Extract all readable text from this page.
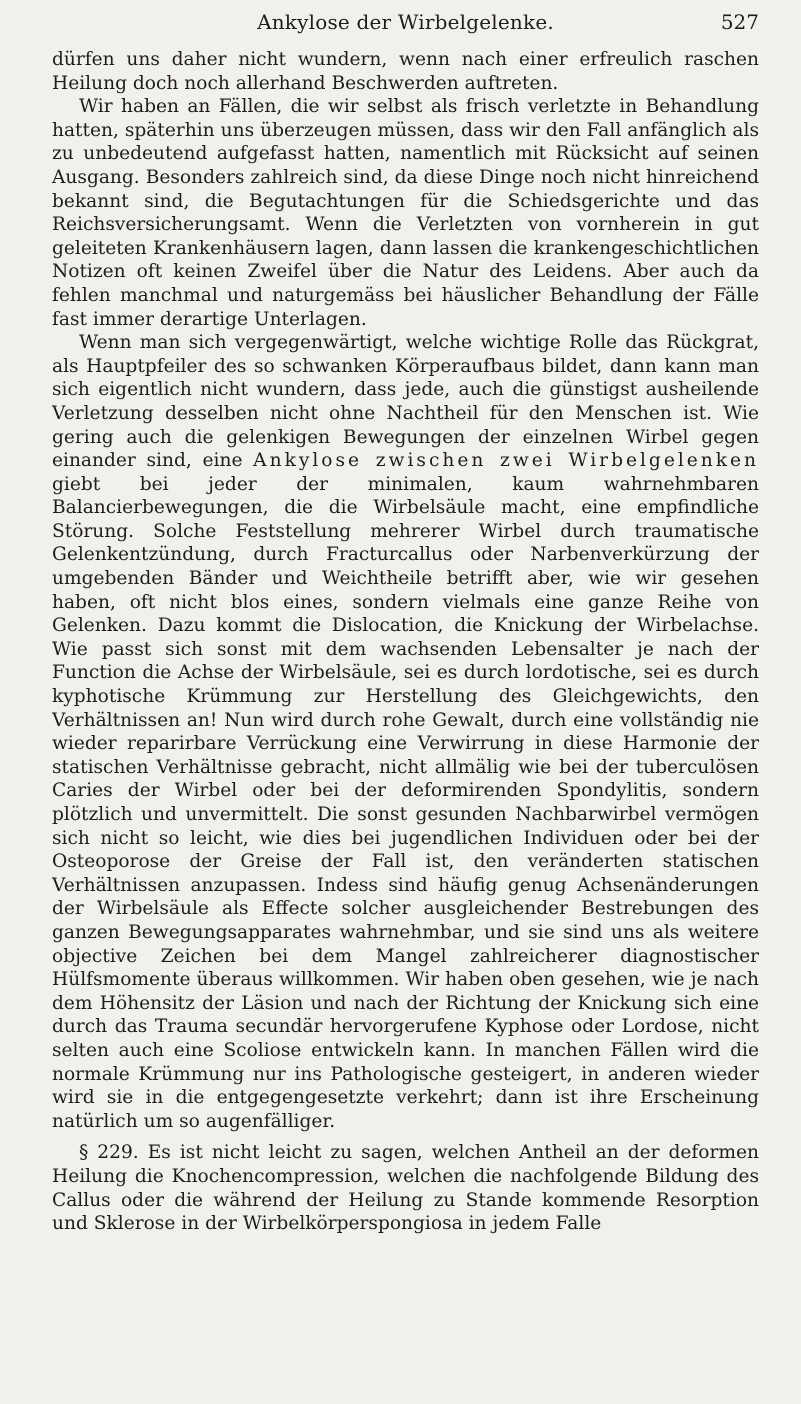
Ankylose der Wirbelgelenke.	527

dürfen uns daher nicht wundern, wenn nach einer erfreulich raschen Heilung doch noch allerhand Beschwerden auftreten.

Wir haben an Fällen, die wir selbst als frisch verletzte in Behandlung hatten, späterhin uns überzeugen müssen, dass wir den Fall anfänglich als zu unbedeutend aufgefasst hatten, namentlich mit Rücksicht auf seinen Ausgang. Besonders zahlreich sind, da diese Dinge noch nicht hinreichend bekannt sind, die Begutachtungen für die Schiedsgerichte und das Reichsversicherungsamt. Wenn die Verletzten von vornherein in gut geleiteten Krankenhäusern lagen, dann lassen die krankengeschichtlichen Notizen oft keinen Zweifel über die Natur des Leidens. Aber auch da fehlen manchmal und naturgemäss bei häuslicher Behandlung der Fälle fast immer derartige Unterlagen.

Wenn man sich vergegenwärtigt, welche wichtige Rolle das Rückgrat, als Hauptpfeiler des so schwanken Körperaufbaus bildet, dann kann man sich eigentlich nicht wundern, dass jede, auch die günstigst ausheilende Verletzung desselben nicht ohne Nachtheil für den Menschen ist. Wie gering auch die gelenkigen Bewegungen der einzelnen Wirbel gegen einander sind, eine Ankylose zwischen zwei Wirbelgelenken giebt bei jeder der minimalen, kaum wahrnehmbaren Balancierbewegungen, die die Wirbelsäule macht, eine empfindliche Störung. Solche Feststellung mehrerer Wirbel durch traumatische Gelenkentzündung, durch Fracturcallus oder Narbenverkürzung der umgebenden Bänder und Weichtheile betrifft aber, wie wir gesehen haben, oft nicht blos eines, sondern vielmals eine ganze Reihe von Gelenken. Dazu kommt die Dislocation, die Knickung der Wirbelachse. Wie passt sich sonst mit dem wachsenden Lebensalter je nach der Function die Achse der Wirbelsäule, sei es durch lordotische, sei es durch kyphotische Krümmung zur Herstellung des Gleichgewichts, den Verhältnissen an! Nun wird durch rohe Gewalt, durch eine vollständig nie wieder reparirbare Verrückung eine Verwirrung in diese Harmonie der statischen Verhältnisse gebracht, nicht allmälig wie bei der tuberculösen Caries der Wirbel oder bei der deformirenden Spondylitis, sondern plötzlich und unvermittelt. Die sonst gesunden Nachbarwirbel vermögen sich nicht so leicht, wie dies bei jugendlichen Individuen oder bei der Osteoporose der Greise der Fall ist, den veränderten statischen Verhältnissen anzupassen. Indess sind häufig genug Achsenänderungen der Wirbelsäule als Effecte solcher ausgleichender Bestrebungen des ganzen Bewegungsapparates wahrnehmbar, und sie sind uns als weitere objective Zeichen bei dem Mangel zahlreicherer diagnostischer Hülfsmomente überaus willkommen. Wir haben oben gesehen, wie je nach dem Höhensitz der Läsion und nach der Richtung der Knickung sich eine durch das Trauma secundär hervorgerufene Kyphose oder Lordose, nicht selten auch eine Scoliose entwickeln kann. In manchen Fällen wird die normale Krümmung nur ins Pathologische gesteigert, in anderen wieder wird sie in die entgegengesetzte verkehrt; dann ist ihre Erscheinung natürlich um so augenfälliger.

§ 229. Es ist nicht leicht zu sagen, welchen Antheil an der deformen Heilung die Knochencompression, welchen die nachfolgende Bildung des Callus oder die während der Heilung zu Stande kommende Resorption und Sklerose in der Wirbelkörperspongiosa in jedem Falle
